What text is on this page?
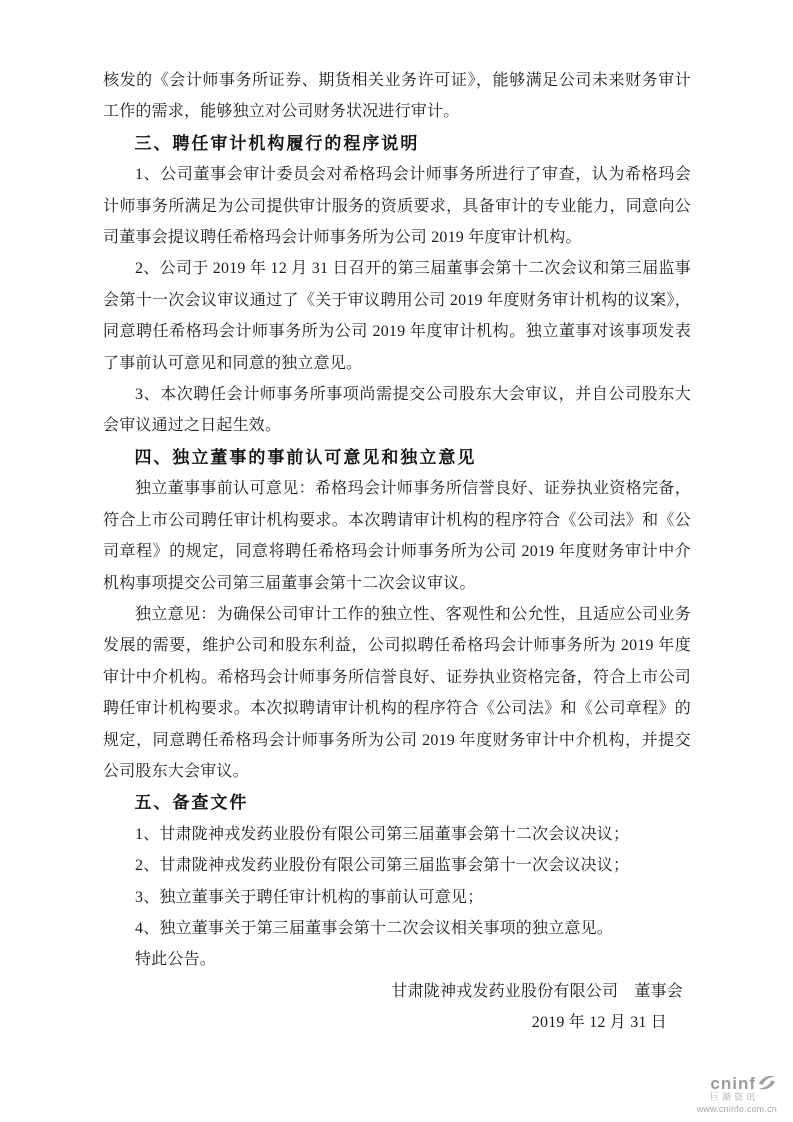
核发的《会计师事务所证券、期货相关业务许可证》，能够满足公司未来财务审计工作的需求，能够独立对公司财务状况进行审计。

三、聘任审计机构履行的程序说明

1、公司董事会审计委员会对希格玛会计师事务所进行了审查，认为希格玛会计师事务所满足为公司提供审计服务的资质要求，具备审计的专业能力，同意向公司董事会提议聘任希格玛会计师事务所为公司 2019 年度审计机构。

2、公司于 2019 年 12 月 31 日召开的第三届董事会第十二次会议和第三届监事会第十一次会议审议通过了《关于审议聘用公司 2019 年度财务审计机构的议案》，同意聘任希格玛会计师事务所为公司 2019 年度审计机构。独立董事对该事项发表了事前认可意见和同意的独立意见。

3、本次聘任会计师事务所事项尚需提交公司股东大会审议，并自公司股东大会审议通过之日起生效。

四、独立董事的事前认可意见和独立意见

独立董事事前认可意见：希格玛会计师事务所信誉良好、证券执业资格完备，符合上市公司聘任审计机构要求。本次聘请审计机构的程序符合《公司法》和《公司章程》的规定，同意将聘任希格玛会计师事务所为公司 2019 年度财务审计中介机构事项提交公司第三届董事会第十二次会议审议。

独立意见：为确保公司审计工作的独立性、客观性和公允性，且适应公司业务发展的需要，维护公司和股东利益，公司拟聘任希格玛会计师事务所为 2019 年度审计中介机构。希格玛会计师事务所信誉良好、证券执业资格完备，符合上市公司聘任审计机构要求。本次拟聘请审计机构的程序符合《公司法》和《公司章程》的规定，同意聘任希格玛会计师事务所为公司 2019 年度财务审计中介机构，并提交公司股东大会审议。

五、备查文件

1、甘肃陇神戎发药业股份有限公司第三届董事会第十二次会议决议；

2、甘肃陇神戎发药业股份有限公司第三届监事会第十一次会议决议；

3、独立董事关于聘任审计机构的事前认可意见；

4、独立董事关于第三届董事会第十二次会议相关事项的独立意见。

特此公告。

甘肃陇神戎发药业股份有限公司　董事会

2019 年 12 月 31 日

cninf
巨潮资讯
www.cninfo.com.cn
